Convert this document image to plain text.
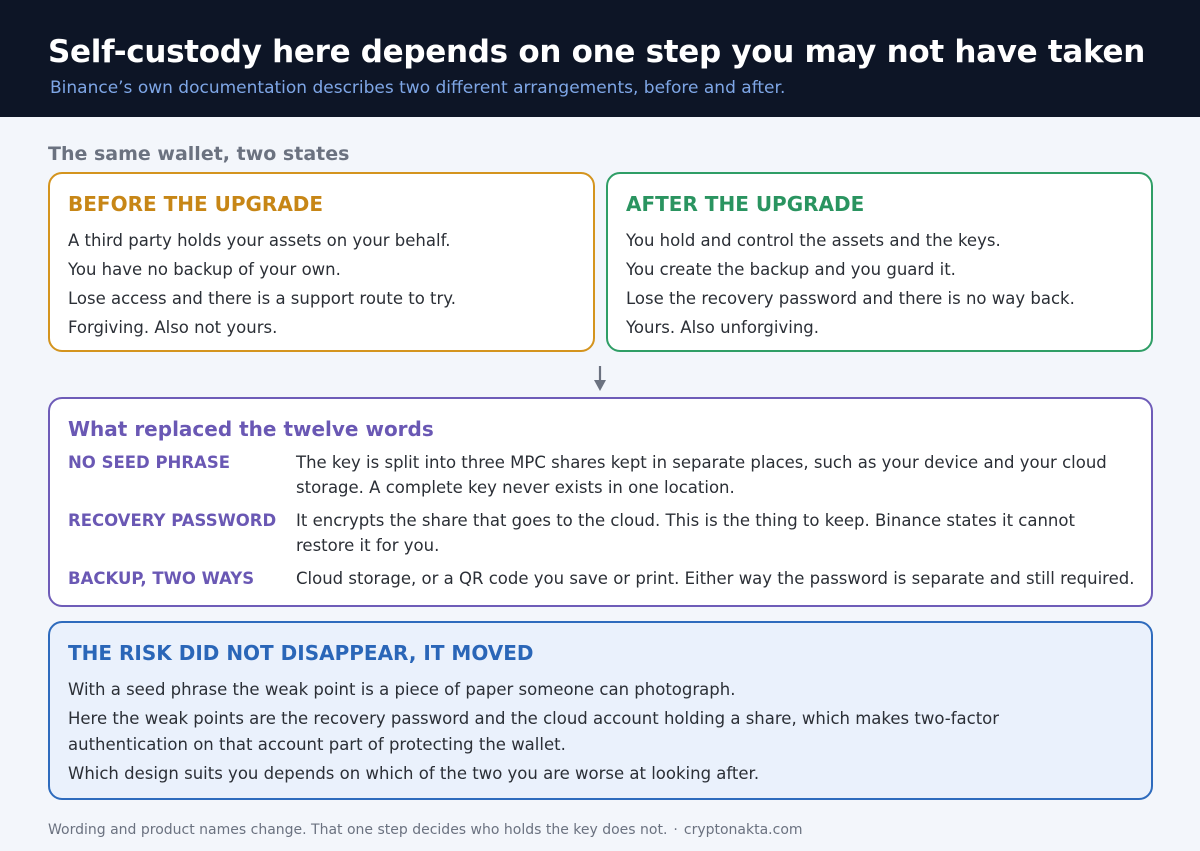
Self-custody here depends on one step you may not have taken
Binance’s own documentation describes two different arrangements, before and after.
The same wallet, two states
BEFORE THE UPGRADE
A third party holds your assets on your behalf.
You have no backup of your own.
Lose access and there is a support route to try.
Forgiving. Also not yours.
AFTER THE UPGRADE
You hold and control the assets and the keys.
You create the backup and you guard it.
Lose the recovery password and there is no way back.
Yours. Also unforgiving.
What replaced the twelve words
NO SEED PHRASE	The key is split into three MPC shares kept in separate places, such as your device and your cloud storage. A complete key never exists in one location.
RECOVERY PASSWORD	It encrypts the share that goes to the cloud. This is the thing to keep. Binance states it cannot restore it for you.
BACKUP, TWO WAYS	Cloud storage, or a QR code you save or print. Either way the password is separate and still required.
THE RISK DID NOT DISAPPEAR, IT MOVED
With a seed phrase the weak point is a piece of paper someone can photograph.
Here the weak points are the recovery password and the cloud account holding a share, which makes two-factor authentication on that account part of protecting the wallet.
Which design suits you depends on which of the two you are worse at looking after.
Wording and product names change. That one step decides who holds the key does not. · cryptonakta.com
